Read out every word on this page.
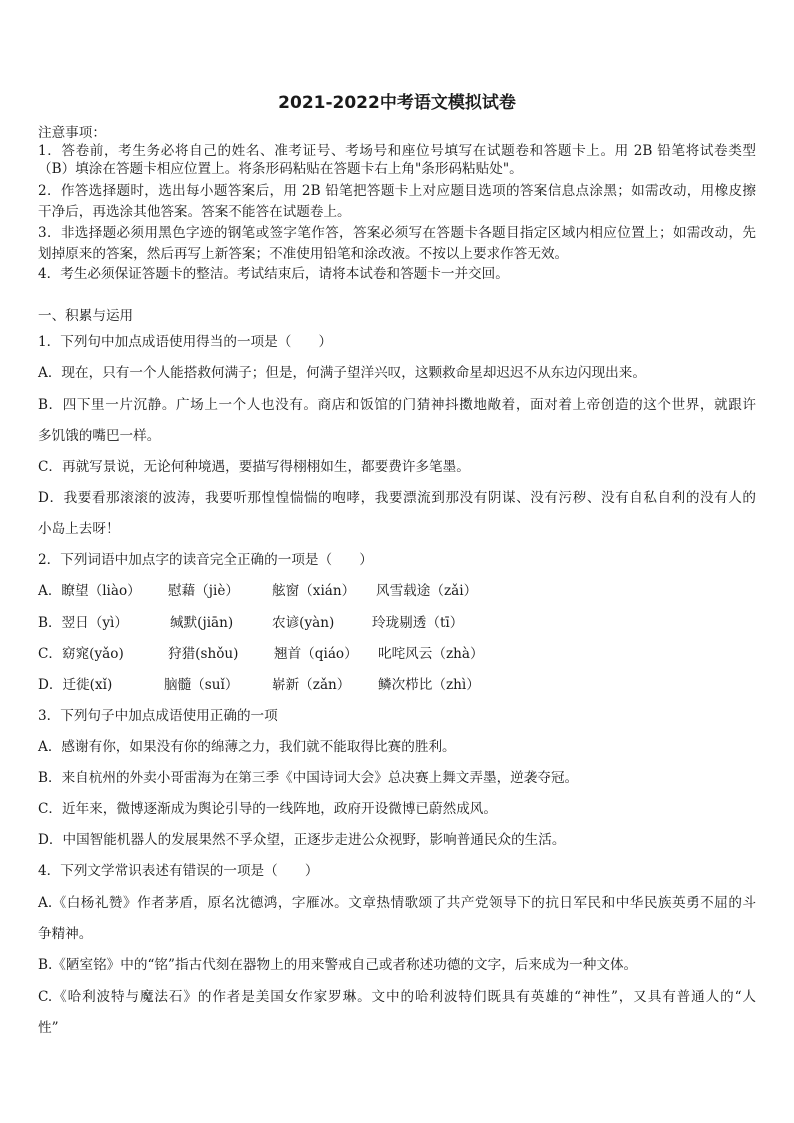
2021-2022中考语文模拟试卷
注意事项：
1．答卷前，考生务必将自己的姓名、准考证号、考场号和座位号填写在试题卷和答题卡上。用 2B 铅笔将试卷类型
（B）填涂在答题卡相应位置上。将条形码粘贴在答题卡右上角"条形码粘贴处"。
2．作答选择题时，选出每小题答案后，用 2B 铅笔把答题卡上对应题目选项的答案信息点涂黑；如需改动，用橡皮擦
干净后，再选涂其他答案。答案不能答在试题卷上。
3．非选择题必须用黑色字迹的钢笔或签字笔作答，答案必须写在答题卡各题目指定区域内相应位置上；如需改动，先
划掉原来的答案，然后再写上新答案；不准使用铅笔和涂改液。不按以上要求作答无效。
4．考生必须保证答题卡的整洁。考试结束后，请将本试卷和答题卡一并交回。
一、积累与运用
1．下列句中加点成语使用得当的一项是（　　）
A．现在，只有一个人能搭救何满子；但是，何满子望洋兴叹，这颗救命星却迟迟不从东边闪现出来。
B．四下里一片沉静。广场上一个人也没有。商店和饭馆的门猜神抖擞地敞着，面对着上帝创造的这个世界，就跟许
多饥饿的嘴巴一样。
C．再就写景说，无论何种境遇，要描写得栩栩如生，都要费许多笔墨。
D．我要看那滚滚的波涛，我要听那惶惶惴惴的咆哮，我要漂流到那没有阴谋、没有污秽、没有自私自利的没有人的
小岛上去呀！
2．下列词语中加点字的读音完全正确的一项是（　　）
A．瞭望（liào） 慰藉（jiè） 舷窗（xián） 风雪载途（zǎi）
B．翌日（yì）	缄默(jiān)	农谚(yàn)	玲珑剔透（tī）
C．窈窕(yǎo)	狩猎(shǒu)	翘首（qiáo） 叱咤风云（zhà）
D．迁徙(xǐ)	脑髓（suǐ） 崭新（zǎn） 鳞次栉比（zhì）
3．下列句子中加点成语使用正确的一项
A．感谢有你，如果没有你的绵薄之力，我们就不能取得比赛的胜利。
B．来自杭州的外卖小哥雷海为在第三季《中国诗词大会》总决赛上舞文弄墨，逆袭夺冠。
C．近年来，微博逐渐成为舆论引导的一线阵地，政府开设微博已蔚然成风。
D．中国智能机器人的发展果然不孚众望，正逐步走进公众视野，影响普通民众的生活。
4．下列文学常识表述有错误的一项是（　　）
A.《白杨礼赞》作者茅盾，原名沈德鸿，字雁冰。文章热情歌颂了共产党领导下的抗日军民和中华民族英勇不屈的斗
争精神。
B.《陋室铭》中的“铭”指古代刻在器物上的用来警戒自己或者称述功德的文字，后来成为一种文体。
C.《哈利波特与魔法石》的作者是美国女作家罗琳。文中的哈利波特们既具有英雄的“神性”，又具有普通人的“人
性”
